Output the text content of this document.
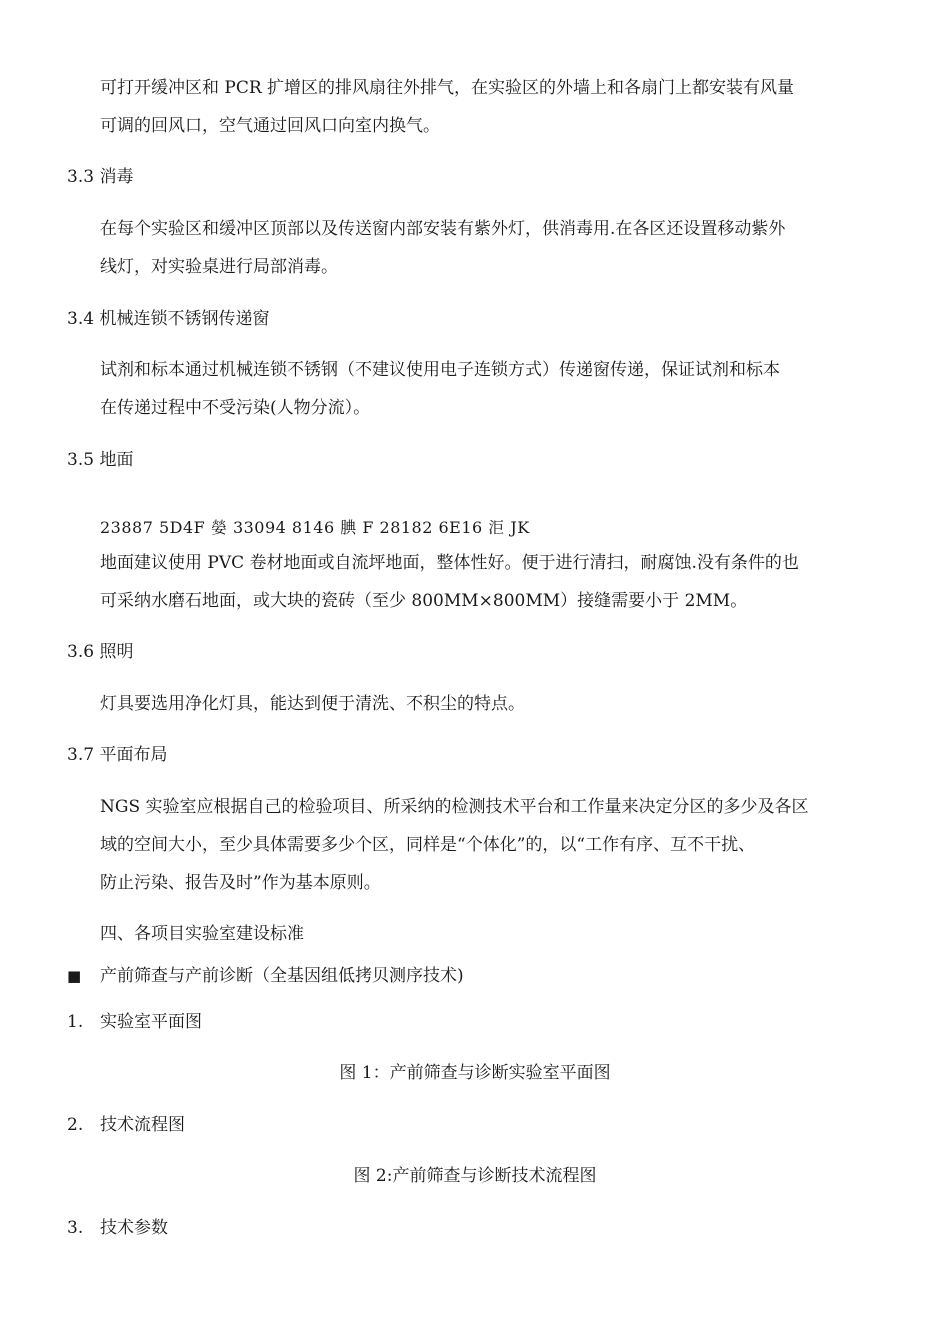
可打开缓冲区和 PCR 扩增区的排风扇往外排气，在实验区的外墙上和各扇门上都安装有风量

可调的回风口，空气通过回风口向室内换气。

3.3 消毒

在每个实验区和缓冲区顶部以及传送窗内部安装有紫外灯，供消毒用.在各区还设置移动紫外

线灯，对实验桌进行局部消毒。

3.4 机械连锁不锈钢传递窗

试剂和标本通过机械连锁不锈钢（不建议使用电子连锁方式）传递窗传递，保证试剂和标本

在传递过程中不受污染(人物分流）。

3.5 地面

23887 5D4F 嫈 33094 8146 腆 F 28182 6E16 洰 JK

地面建议使用 PVC 卷材地面或自流坪地面，整体性好。便于进行清扫，耐腐蚀.没有条件的也

可采纳水磨石地面，或大块的瓷砖（至少 800MM×800MM）接缝需要小于 2MM。

3.6 照明

灯具要选用净化灯具，能达到便于清洗、不积尘的特点。

3.7 平面布局

NGS 实验室应根据自己的检验项目、所采纳的检测技术平台和工作量来决定分区的多少及各区

域的空间大小，至少具体需要多少个区，同样是“个体化”的，以“工作有序、互不干扰、

防止污染、报告及时”作为基本原则。

四、各项目实验室建设标准

■ 产前筛查与产前诊断（全基因组低拷贝测序技术)

1. 实验室平面图

图 1：产前筛查与诊断实验室平面图

2. 技术流程图

图 2:产前筛查与诊断技术流程图

3. 技术参数
